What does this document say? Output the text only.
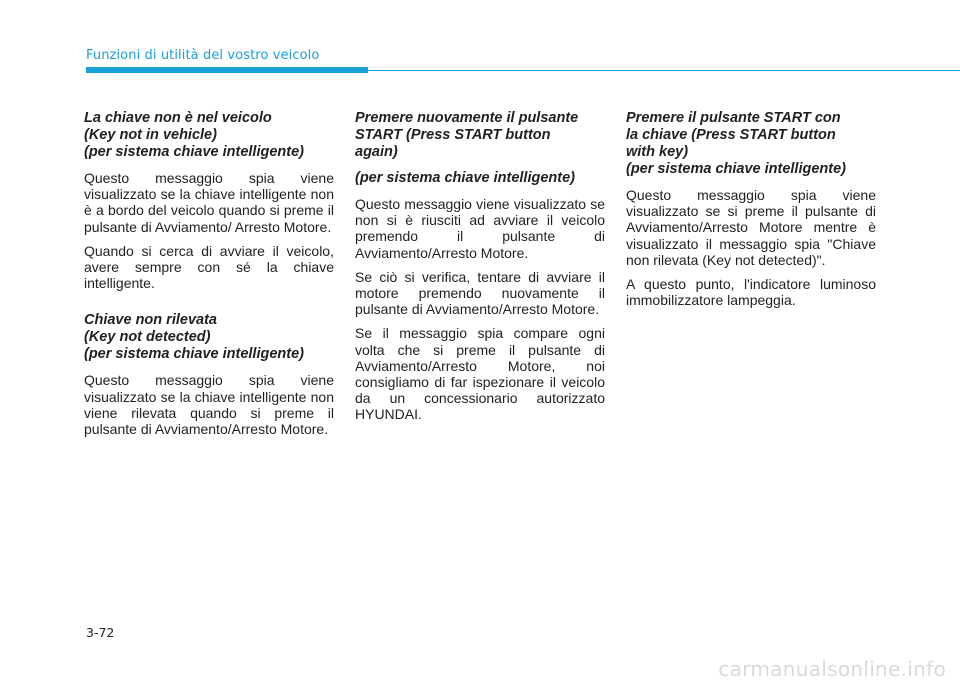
Funzioni di utilità del vostro veicolo
La chiave non è nel veicolo
(Key not in vehicle)
(per sistema chiave intelligente)

Questo messaggio spia viene visualizzato se la chiave intelligente non è a bordo del veicolo quando si preme il pulsante di Avviamento/ Arresto Motore.

Quando si cerca di avviare il veicolo, avere sempre con sé la chiave intelligente.

Chiave non rilevata
(Key not detected)
(per sistema chiave intelligente)

Questo messaggio spia viene visualizzato se la chiave intelligente non viene rilevata quando si preme il pulsante di Avviamento/Arresto Motore.

Premere nuovamente il pulsante
START (Press START button
again)
(per sistema chiave intelligente)

Questo messaggio viene visualizzato se non si è riusciti ad avviare il veicolo premendo il pulsante di Avviamento/Arresto Motore.

Se ciò si verifica, tentare di avviare il motore premendo nuovamente il pulsante di Avviamento/Arresto Motore.

Se il messaggio spia compare ogni volta che si preme il pulsante di Avviamento/Arresto Motore, noi consigliamo di far ispezionare il veicolo da un concessionario autorizzato HYUNDAI.

Premere il pulsante START con
la chiave (Press START button
with key)
(per sistema chiave intelligente)

Questo messaggio spia viene visualizzato se si preme il pulsante di Avviamento/Arresto Motore mentre è visualizzato il messaggio spia "Chiave non rilevata (Key not detected)".

A questo punto, l'indicatore luminoso immobilizzatore lampeggia.

3-72
carmanualsonline.info
